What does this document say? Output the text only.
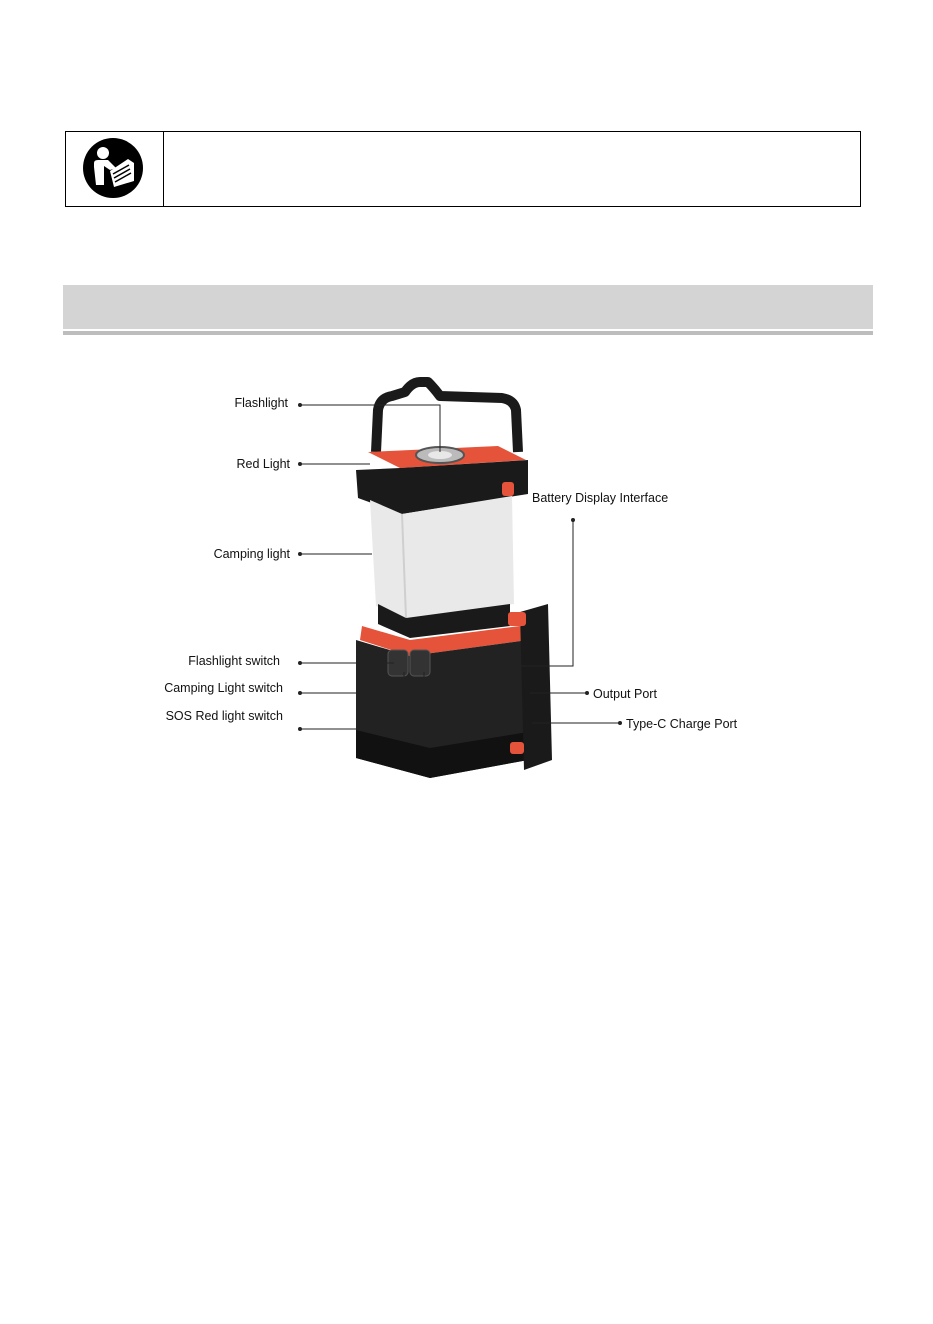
Flashlight
Red Light
Camping light
Flashlight switch
Camping Light switch
SOS Red light switch
Battery Display Interface
Output Port
Type-C Charge Port
